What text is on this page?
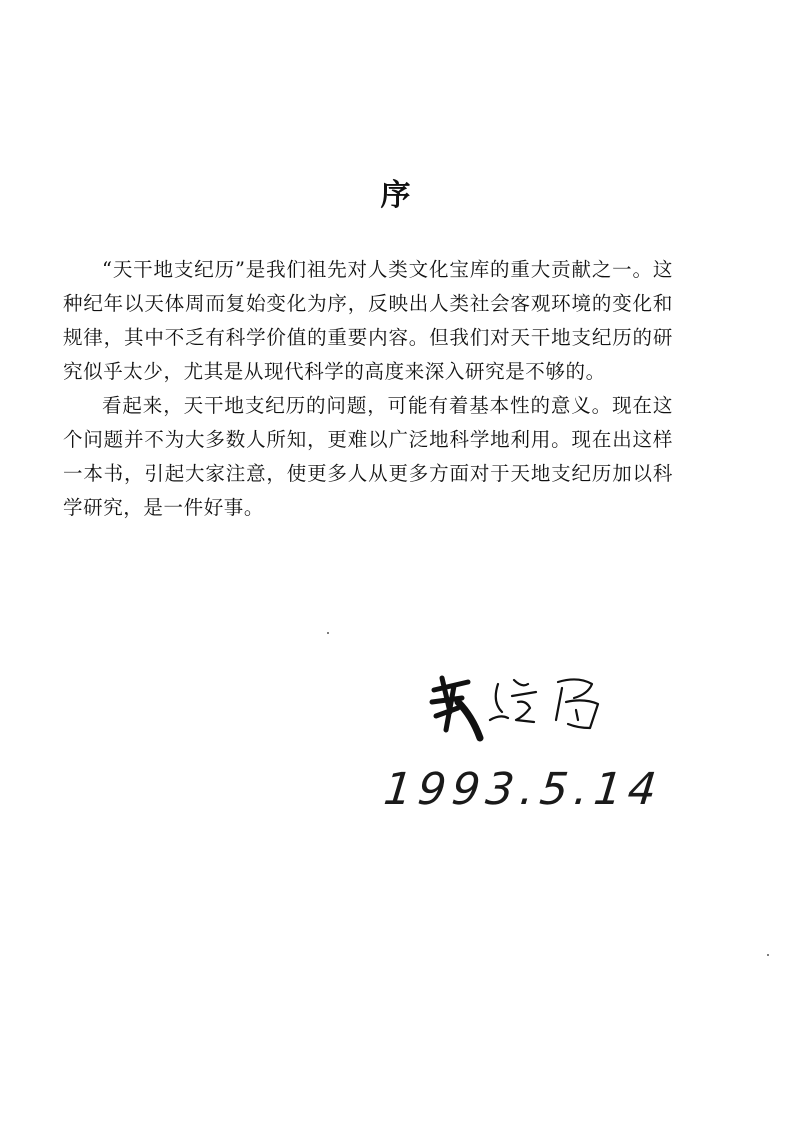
序

“天干地支纪历”是我们祖先对人类文化宝库的重大贡献之一。这种纪年以天体周而复始变化为序，反映出人类社会客观环境的变化和规律，其中不乏有科学价值的重要内容。但我们对天干地支纪历的研究似乎太少，尤其是从现代科学的高度来深入研究是不够的。

看起来，天干地支纪历的问题，可能有着基本性的意义。现在这个问题并不为大多数人所知，更难以广泛地科学地利用。现在出这样一本书，引起大家注意，使更多人从更多方面对于天地支纪历加以科学研究，是一件好事。

1993.5.14
